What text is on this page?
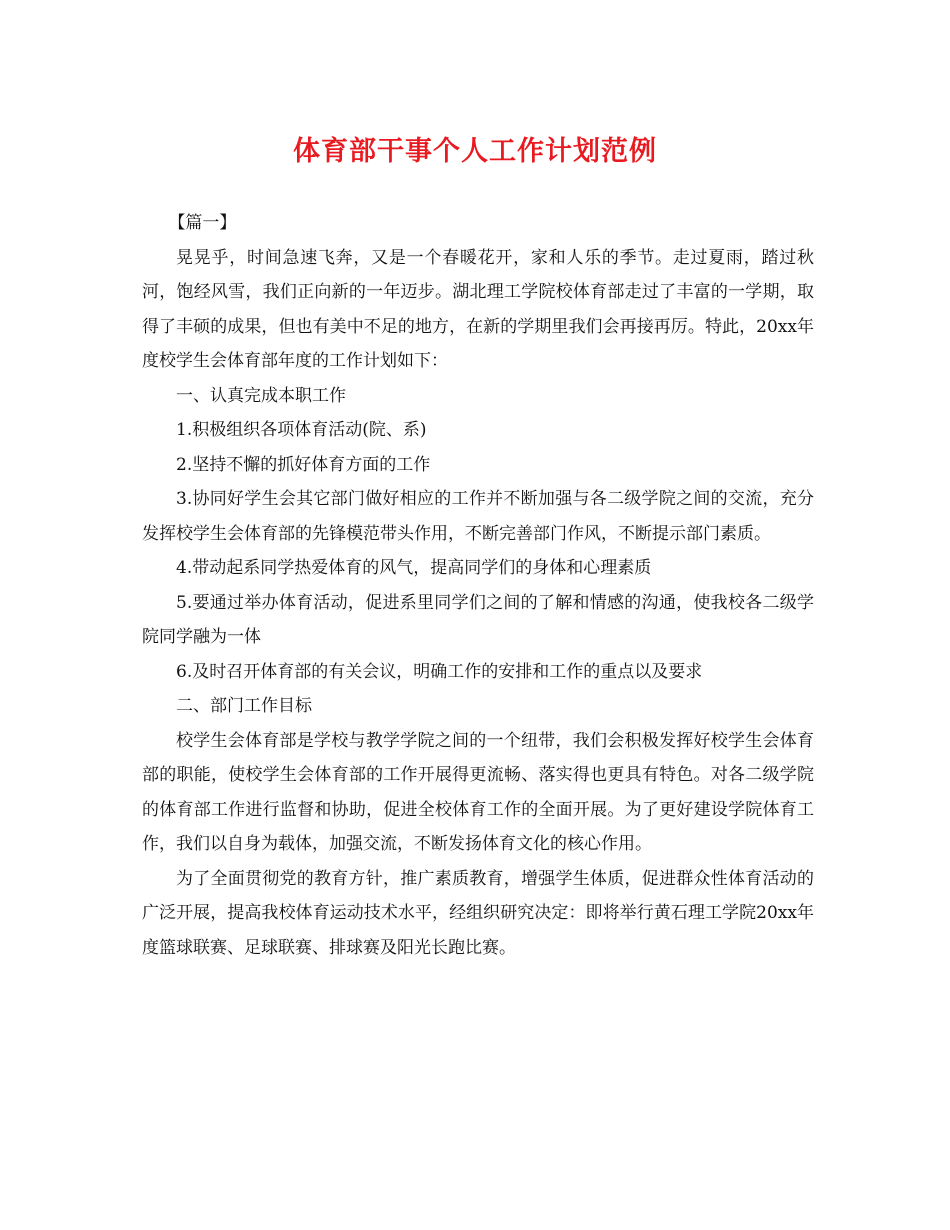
体育部干事个人工作计划范例

【篇一】

晃晃乎，时间急速飞奔，又是一个春暖花开，家和人乐的季节。走过夏雨，踏过秋河，饱经风雪，我们正向新的一年迈步。湖北理工学院校体育部走过了丰富的一学期，取得了丰硕的成果，但也有美中不足的地方，在新的学期里我们会再接再厉。特此，20xx年度校学生会体育部年度的工作计划如下：

一、认真完成本职工作

1.积极组织各项体育活动(院、系)

2.坚持不懈的抓好体育方面的工作

3.协同好学生会其它部门做好相应的工作并不断加强与各二级学院之间的交流，充分发挥校学生会体育部的先锋模范带头作用，不断完善部门作风，不断提示部门素质。

4.带动起系同学热爱体育的风气，提高同学们的身体和心理素质

5.要通过举办体育活动，促进系里同学们之间的了解和情感的沟通，使我校各二级学院同学融为一体

6.及时召开体育部的有关会议，明确工作的安排和工作的重点以及要求

二、部门工作目标

校学生会体育部是学校与教学学院之间的一个纽带，我们会积极发挥好校学生会体育部的职能，使校学生会体育部的工作开展得更流畅、落实得也更具有特色。对各二级学院的体育部工作进行监督和协助，促进全校体育工作的全面开展。为了更好建设学院体育工作，我们以自身为载体，加强交流，不断发扬体育文化的核心作用。

为了全面贯彻党的教育方针，推广素质教育，增强学生体质，促进群众性体育活动的广泛开展，提高我校体育运动技术水平，经组织研究决定：即将举行黄石理工学院20xx年度篮球联赛、足球联赛、排球赛及阳光长跑比赛。
